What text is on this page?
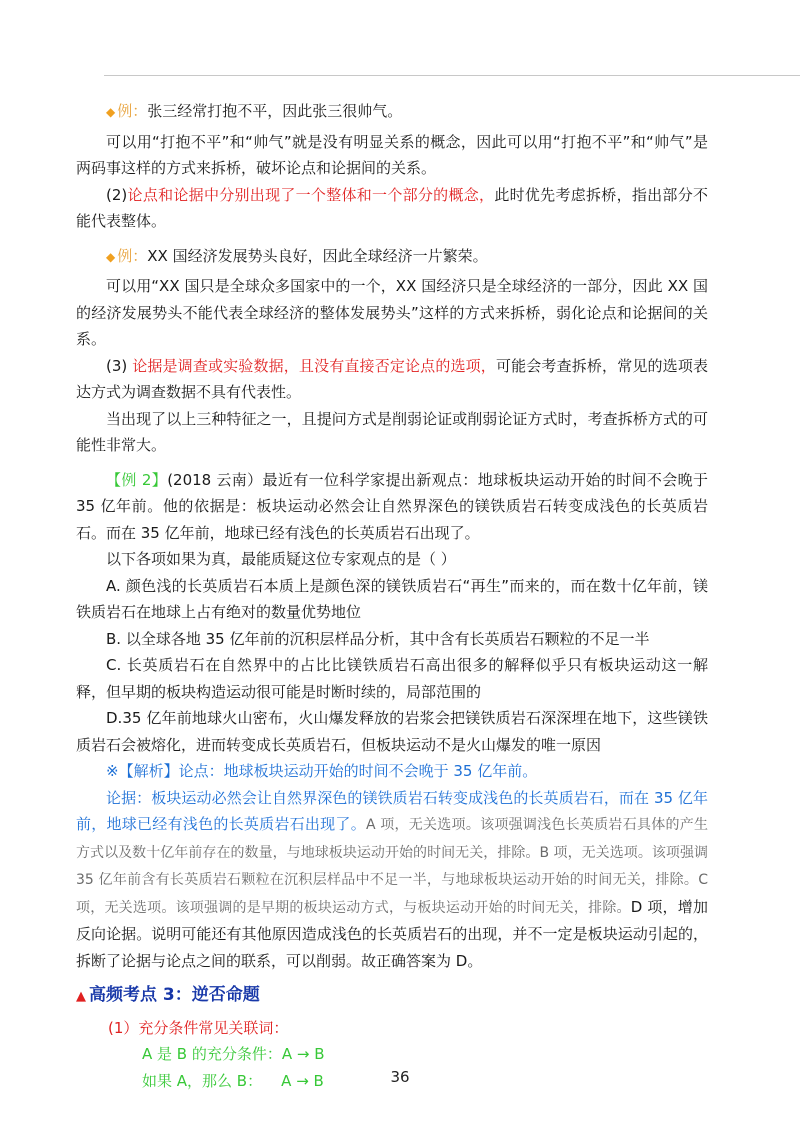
◆ 例：张三经常打抱不平，因此张三很帅气。

可以用“打抱不平”和“帅气”就是没有明显关系的概念，因此可以用“打抱不平”和“帅气”是两码事这样的方式来拆桥，破坏论点和论据间的关系。

(2)论点和论据中分别出现了一个整体和一个部分的概念，此时优先考虑拆桥，指出部分不能代表整体。

◆ 例：XX 国经济发展势头良好，因此全球经济一片繁荣。

可以用“XX 国只是全球众多国家中的一个，XX 国经济只是全球经济的一部分，因此 XX 国的经济发展势头不能代表全球经济的整体发展势头”这样的方式来拆桥，弱化论点和论据间的关系。

(3) 论据是调查或实验数据，且没有直接否定论点的选项，可能会考查拆桥，常见的选项表达方式为调查数据不具有代表性。

当出现了以上三种特征之一，且提问方式是削弱论证或削弱论证方式时，考查拆桥方式的可能性非常大。

【例 2】(2018 云南）最近有一位科学家提出新观点：地球板块运动开始的时间不会晚于 35 亿年前。他的依据是：板块运动必然会让自然界深色的镁铁质岩石转变成浅色的长英质岩石。而在 35 亿年前，地球已经有浅色的长英质岩石出现了。

以下各项如果为真，最能质疑这位专家观点的是（ ）

A. 颜色浅的长英质岩石本质上是颜色深的镁铁质岩石“再生”而来的，而在数十亿年前，镁铁质岩石在地球上占有绝对的数量优势地位

B. 以全球各地 35 亿年前的沉积层样品分析，其中含有长英质岩石颗粒的不足一半

C. 长英质岩石在自然界中的占比比镁铁质岩石高出很多的解释似乎只有板块运动这一解释，但早期的板块构造运动很可能是时断时续的，局部范围的

D.35 亿年前地球火山密布，火山爆发释放的岩浆会把镁铁质岩石深深埋在地下，这些镁铁质岩石会被熔化，进而转变成长英质岩石，但板块运动不是火山爆发的唯一原因

※【解析】论点：地球板块运动开始的时间不会晚于 35 亿年前。

论据：板块运动必然会让自然界深色的镁铁质岩石转变成浅色的长英质岩石，而在 35 亿年前，地球已经有浅色的长英质岩石出现了。A 项，无关选项。该项强调浅色长英质岩石具体的产生方式以及数十亿年前存在的数量，与地球板块运动开始的时间无关，排除。B 项，无关选项。该项强调 35 亿年前含有长英质岩石颗粒在沉积层样品中不足一半，与地球板块运动开始的时间无关，排除。C 项，无关选项。该项强调的是早期的板块运动方式，与板块运动开始的时间无关，排除。D 项，增加反向论据。说明可能还有其他原因造成浅色的长英质岩石的出现，并不一定是板块运动引起的，拆断了论据与论点之间的联系，可以削弱。故正确答案为 D。

▲ 高频考点 3：逆否命题

(1）充分条件常见关联词：

A 是 B 的充分条件：A → B

如果 A，那么 B：    A → B	36
